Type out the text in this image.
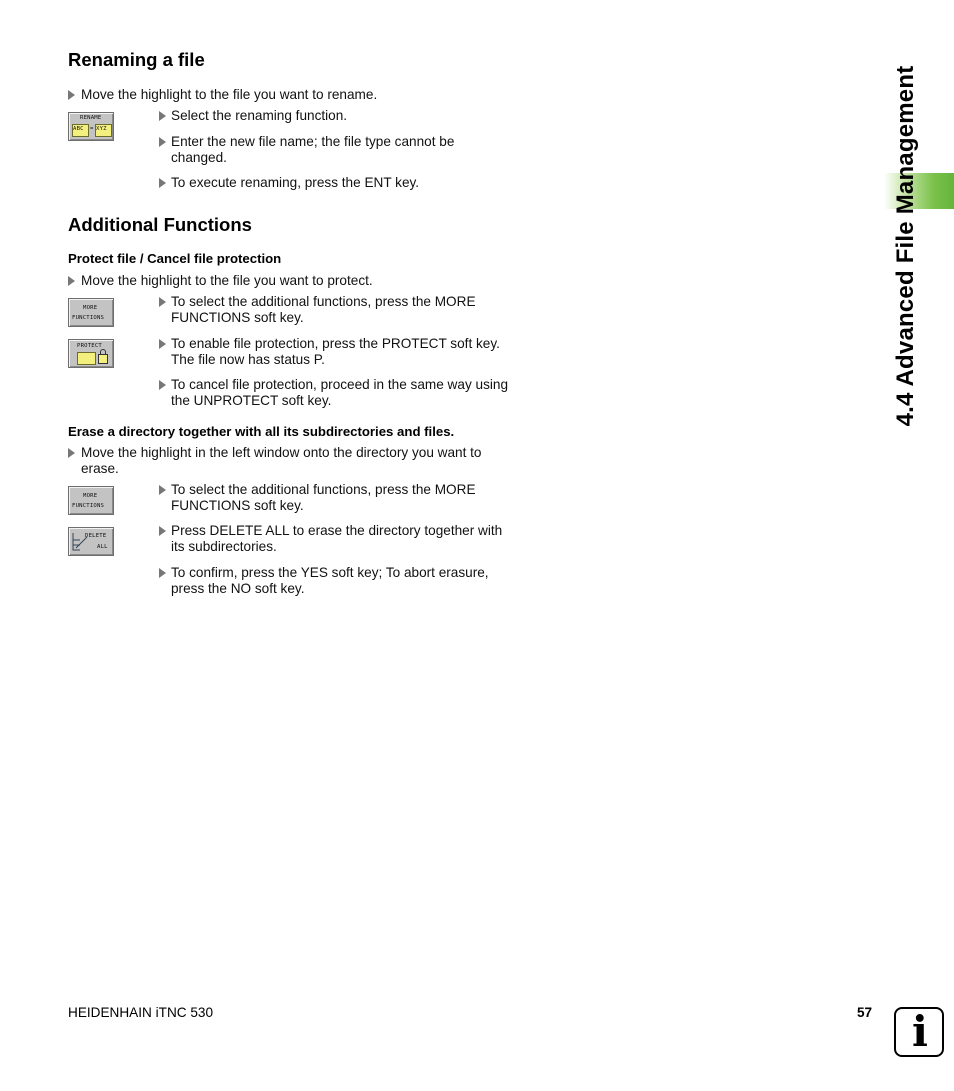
4.4 Advanced File Management
Renaming a file
Move the highlight to the file you want to rename.
RENAME
ABC = XYZ
Select the renaming function.
Enter the new file name; the file type cannot be changed.
To execute renaming, press the ENT key.
Additional Functions
Protect file / Cancel file protection
Move the highlight to the file you want to protect.
MORE
FUNCTIONS
To select the additional functions, press the MORE FUNCTIONS soft key.
PROTECT	To enable file protection, press the PROTECT soft key. The file now has status P.
To cancel file protection, proceed in the same way using the UNPROTECT soft key.
Erase a directory together with all its subdirectories and files.
Move the highlight in the left window onto the directory you want to erase.
MORE
FUNCTIONS
To select the additional functions, press the MORE FUNCTIONS soft key.
DELETE
ALL
Press DELETE ALL to erase the directory together with its subdirectories.
To confirm, press the YES soft key; To abort erasure, press the NO soft key.
HEIDENHAIN iTNC 530	57 i
